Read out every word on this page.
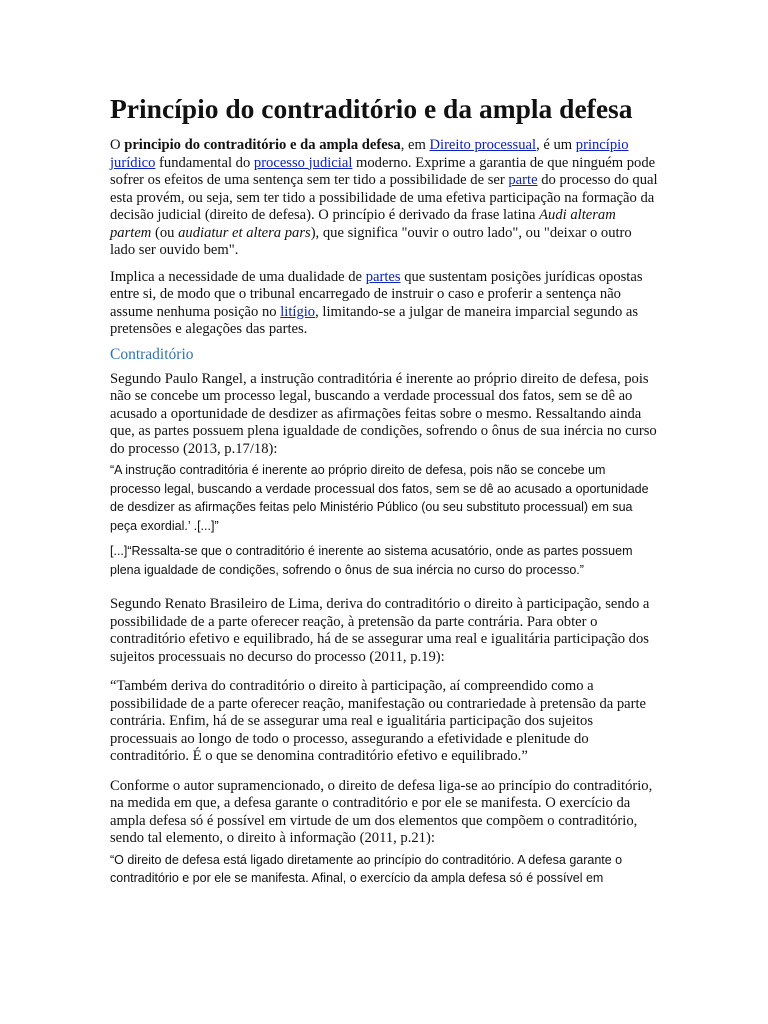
Princípio do contraditório e da ampla defesa

O principio do contraditório e da ampla defesa, em Direito processual, é um princípio jurídico fundamental do processo judicial moderno. Exprime a garantia de que ninguém pode sofrer os efeitos de uma sentença sem ter tido a possibilidade de ser parte do processo do qual esta provém, ou seja, sem ter tido a possibilidade de uma efetiva participação na formação da decisão judicial (direito de defesa). O princípio é derivado da frase latina Audi alteram partem (ou audiatur et altera pars), que significa "ouvir o outro lado", ou "deixar o outro lado ser ouvido bem".

Implica a necessidade de uma dualidade de partes que sustentam posições jurídicas opostas entre si, de modo que o tribunal encarregado de instruir o caso e proferir a sentença não assume nenhuma posição no litígio, limitando-se a julgar de maneira imparcial segundo as pretensões e alegações das partes.

Contraditório

Segundo Paulo Rangel, a instrução contraditória é inerente ao próprio direito de defesa, pois não se concebe um processo legal, buscando a verdade processual dos fatos, sem se dê ao acusado a oportunidade de desdizer as afirmações feitas sobre o mesmo. Ressaltando ainda que, as partes possuem plena igualdade de condições, sofrendo o ônus de sua inércia no curso do processo (2013, p.17/18):

“A instrução contraditória é inerente ao próprio direito de defesa, pois não se concebe um processo legal, buscando a verdade processual dos fatos, sem se dê ao acusado a oportunidade de desdizer as afirmações feitas pelo Ministério Público (ou seu substituto processual) em sua peça exordial.’ .[...]”

[...]“Ressalta-se que o contraditório é inerente ao sistema acusatório, onde as partes possuem plena igualdade de condições, sofrendo o ônus de sua inércia no curso do processo.”

Segundo Renato Brasileiro de Lima, deriva do contraditório o direito à participação, sendo a possibilidade de a parte oferecer reação, à pretensão da parte contrária. Para obter o contraditório efetivo e equilibrado, há de se assegurar uma real e igualitária participação dos sujeitos processuais no decurso do processo (2011, p.19):

“Também deriva do contraditório o direito à participação, aí compreendido como a possibilidade de a parte oferecer reação, manifestação ou contrariedade à pretensão da parte contrária. Enfim, há de se assegurar uma real e igualitária participação dos sujeitos processuais ao longo de todo o processo, assegurando a efetividade e plenitude do contraditório. É o que se denomina contraditório efetivo e equilibrado.”

Conforme o autor supramencionado, o direito de defesa liga-se ao princípio do contraditório, na medida em que, a defesa garante o contraditório e por ele se manifesta. O exercício da ampla defesa só é possível em virtude de um dos elementos que compõem o contraditório, sendo tal elemento, o direito à informação (2011, p.21):

“O direito de defesa está ligado diretamente ao princípio do contraditório. A defesa garante o contraditório e por ele se manifesta. Afinal, o exercício da ampla defesa só é possível em
